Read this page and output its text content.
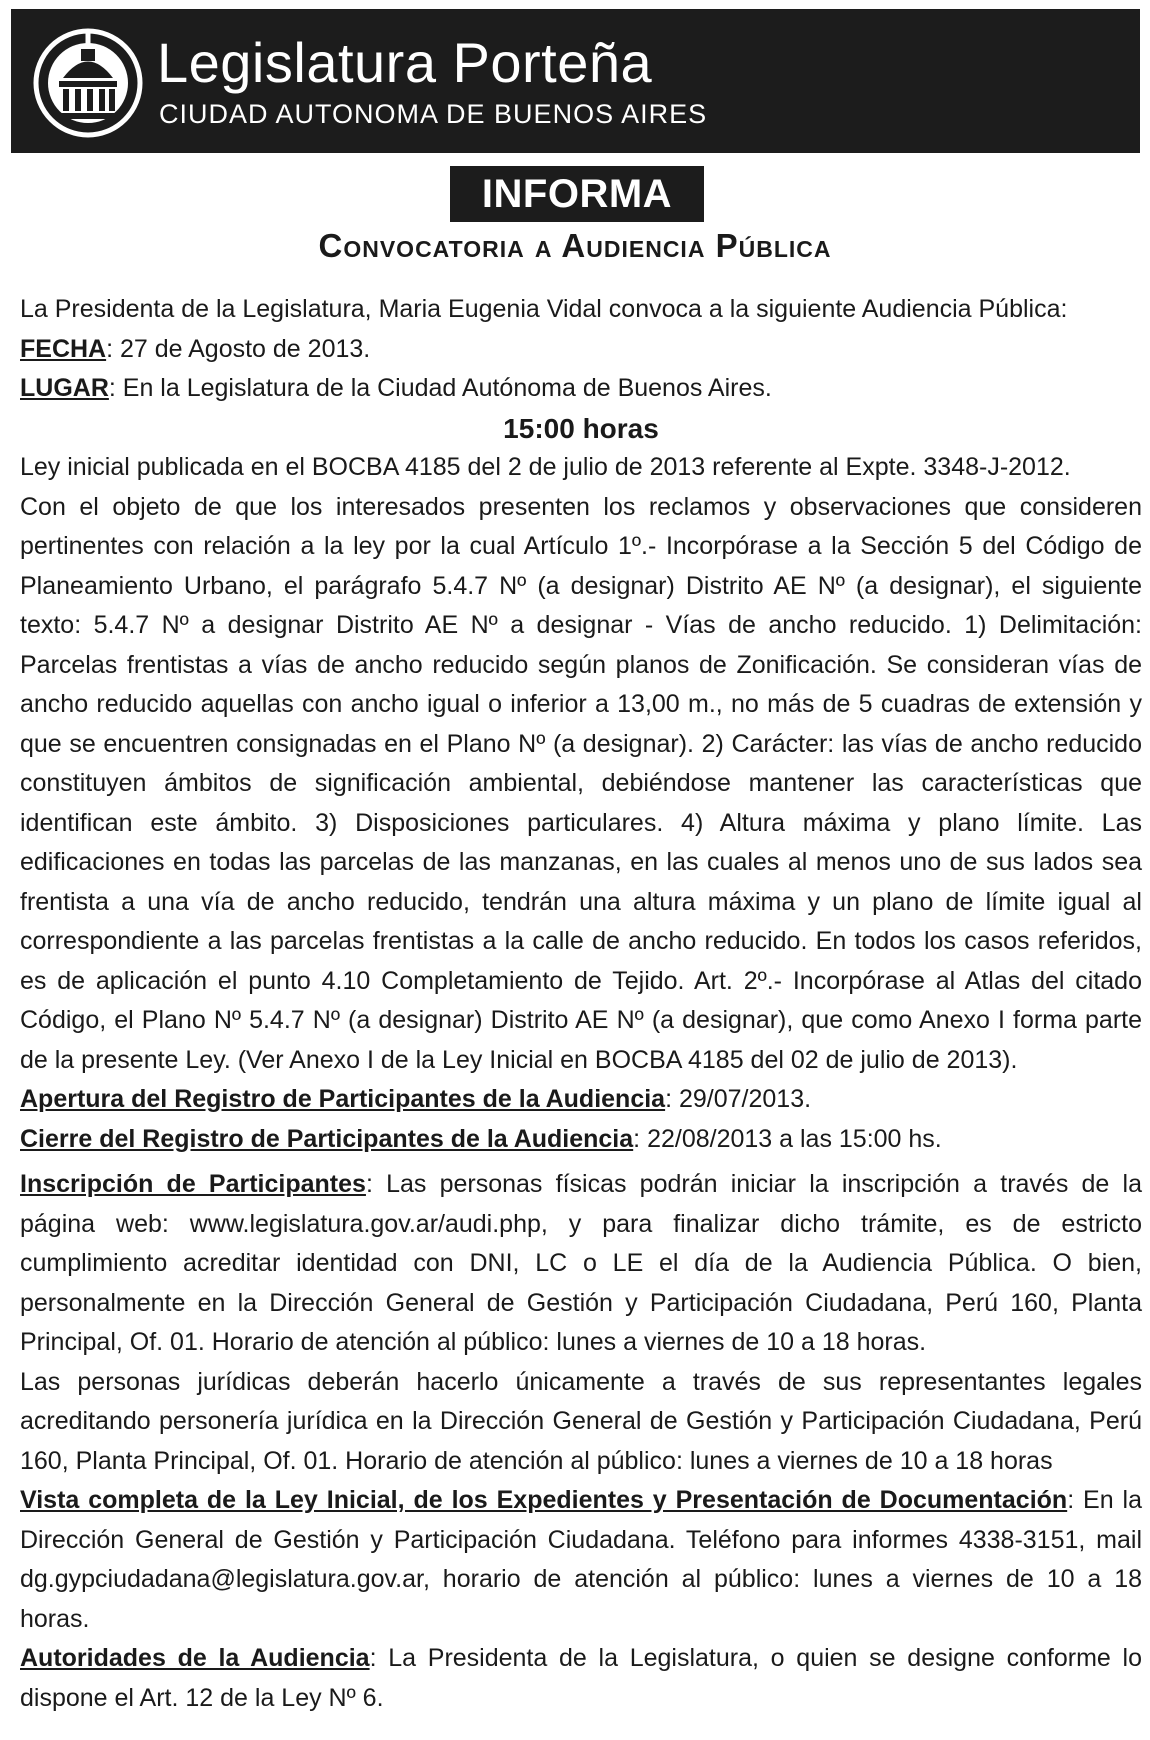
Legislatura Porteña
CIUDAD AUTONOMA DE BUENOS AIRES
INFORMA
Convocatoria a Audiencia Pública

La Presidenta de la Legislatura, Maria Eugenia Vidal convoca a la siguiente Audiencia Pública:

FECHA: 27 de Agosto de 2013.

LUGAR: En la Legislatura de la Ciudad Autónoma de Buenos Aires.

15:00 horas

Ley inicial publicada en el BOCBA 4185 del 2 de julio de 2013 referente al Expte. 3348-J-2012.

Con el objeto de que los interesados presenten los reclamos y observaciones que consideren pertinentes con relación a la ley por la cual Artículo 1º.- Incorpórase a la Sección 5 del Código de Planeamiento Urbano, el parágrafo 5.4.7 Nº (a designar) Distrito AE Nº (a designar), el siguiente texto: 5.4.7 Nº a designar Distrito AE Nº a designar - Vías de ancho reducido. 1) Delimitación: Parcelas frentistas a vías de ancho reducido según planos de Zonificación. Se consideran vías de ancho reducido aquellas con ancho igual o inferior a 13,00 m., no más de 5 cuadras de extensión y que se encuentren consignadas en el Plano Nº (a designar). 2) Carácter: las vías de ancho reducido constituyen ámbitos de significación ambiental, debiéndose mantener las características que identifican este ámbito. 3) Disposiciones particulares. 4) Altura máxima y plano límite. Las edificaciones en todas las parcelas de las manzanas, en las cuales al menos uno de sus lados sea frentista a una vía de ancho reducido, tendrán una altura máxima y un plano de límite igual al correspondiente a las parcelas frentistas a la calle de ancho reducido. En todos los casos referidos, es de aplicación el punto 4.10 Completamiento de Tejido. Art. 2º.- Incorpórase al Atlas del citado Código, el Plano Nº 5.4.7 Nº (a designar) Distrito AE Nº (a designar), que como Anexo I forma parte de la presente Ley. (Ver Anexo I de la Ley Inicial en BOCBA 4185 del 02 de julio de 2013).

Apertura del Registro de Participantes de la Audiencia: 29/07/2013.

Cierre del Registro de Participantes de la Audiencia: 22/08/2013 a las 15:00 hs.

Inscripción de Participantes: Las personas físicas podrán iniciar la inscripción a través de la página web: www.legislatura.gov.ar/audi.php, y para finalizar dicho trámite, es de estricto cumplimiento acreditar identidad con DNI, LC o LE el día de la Audiencia Pública. O bien, personalmente en la Dirección General de Gestión y Participación Ciudadana, Perú 160, Planta Principal, Of. 01. Horario de atención al público: lunes a viernes de 10 a 18 horas.

Las personas jurídicas deberán hacerlo únicamente a través de sus representantes legales acreditando personería jurídica en la Dirección General de Gestión y Participación Ciudadana, Perú 160, Planta Principal, Of. 01. Horario de atención al público: lunes a viernes de 10 a 18 horas

Vista completa de la Ley Inicial, de los Expedientes y Presentación de Documentación: En la Dirección General de Gestión y Participación Ciudadana. Teléfono para informes 4338-3151, mail dg.gypciudadana@legislatura.gov.ar, horario de atención al público: lunes a viernes de 10 a 18 horas.

Autoridades de la Audiencia: La Presidenta de la Legislatura, o quien se designe conforme lo dispone el Art. 12 de la Ley Nº 6.
